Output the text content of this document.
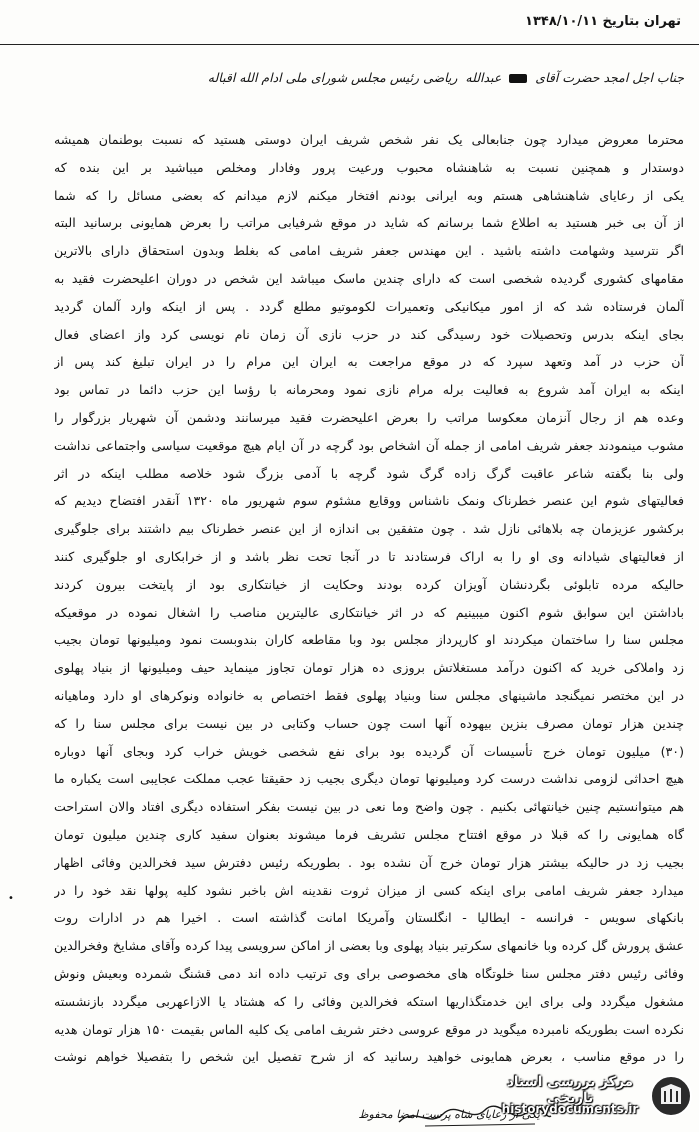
تهران بتاریخ ۱۳۴۸/۱۰/۱۱
جناب اجل امجد حضرت آقای  عبدالله ریاضی رئیس مجلس شورای ملی ادام الله اقباله
محترما معروض میدارد چون جنابعالی یک نفر شخص شریف ایران دوستی هستید که نسبت بوطنمان همیشه
دوستدار و همچنین نسبت به شاهنشاه محبوب ورعیت پرور وفادار ومخلص میباشید بر این بنده که
یکی از رعایای شاهنشاهی هستم وبه ایرانی بودنم افتخار میکنم لازم میدانم که بعضی مسائل را که شما
از آن بی خبر هستید به اطلاع شما برسانم که شاید در موقع شرفیابی مراتب را بعرض همایونی برسانید البته
اگر نترسید وشهامت داشته باشید . این مهندس جعفر شریف امامی که بغلط وبدون استحقاق دارای بالاترین
مقامهای کشوری گردیده شخصی است که دارای چندین ماسک میباشد این شخص در دوران اعلیحضرت فقید به
آلمان فرستاده شد که از امور میکانیکی وتعمیرات لکوموتیو مطلع گردد . پس از اینکه وارد آلمان گردید
بجای اینکه بدرس وتحصیلات خود رسیدگی کند در حزب نازی آن زمان نام نویسی کرد واز اعضای فعال
آن حزب در آمد وتعهد سپرد که در موقع مراجعت به ایران این مرام را در ایران تبلیغ کند پس از
اینکه به ایران آمد شروع به فعالیت برله مرام نازی نمود ومحرمانه با رؤسا این حزب دائما در تماس بود
وعده هم از رجال آنزمان معکوسا مراتب را بعرض اعلیحضرت فقید میرسانند ودشمن آن شهریار بزرگوار را
مشوب مینمودند جعفر شریف امامی از جمله آن اشخاص بود گرچه در آن ایام هیچ موقعیت سیاسی واجتماعی نداشت
ولی بنا بگفته شاعر عاقبت گرگ زاده گرگ شود گرچه با آدمی بزرگ شود خلاصه مطلب اینکه در اثر
فعالیتهای شوم این عنصر خطرناک ونمک ناشناس ووقایع مشئوم سوم شهریور ماه ۱۳۲۰ آنقدر افتضاح دیدیم که
برکشور عزیزمان چه بلاهائی نازل شد . چون متفقین بی اندازه از این عنصر خطرناک بیم داشتند برای جلوگیری
از فعالیتهای شیادانه وی او را به اراک فرستادند تا در آنجا تحت نظر باشد و از خرابکاری او جلوگیری کنند
حالیکه مرده تابلوئی بگردنشان آویزان کرده بودند وحکایت از خیانتکاری بود از پایتخت بیرون کردند
باداشتن این سوابق شوم اکنون میبینیم که در اثر خیانتکاری عالیترین مناصب را اشغال نموده در موقعیکه
مجلس سنا را ساختمان میکردند او کارپرداز مجلس بود وبا مقاطعه کاران بندوبست نمود ومیلیونها تومان بجیب
زد واملاکی خرید که اکنون درآمد مستغلاتش بروزی ده هزار تومان تجاوز مینماید حیف ومیلیونها از بنیاد پهلوی
در این مختصر نمیگنجد ماشینهای مجلس سنا وبنیاد پهلوی فقط اختصاص به خانواده ونوکرهای او دارد وماهیانه
چندین هزار تومان مصرف بنزین بیهوده آنها است چون حساب وکتابی در بین نیست برای مجلس سنا را که
(۳۰) میلیون تومان خرج تأسیسات آن گردیده بود برای نفع شخصی خویش خراب کرد وبجای آنها دوباره
هیچ احداثی لزومی نداشت درست کرد ومیلیونها تومان دیگری بجیب زد حقیقتا عجب مملکت عجایبی است یکباره ما
هم میتوانستیم چنین خیانتهائی بکنیم . چون واضح وما نعی در بین نیست بفکر استفاده دیگری افتاد والان استراحت
گاه همایونی را که قبلا در موقع افتتاح مجلس تشریف فرما میشوند بعنوان سفید کاری چندین میلیون تومان
بجیب زد در حالیکه بیشتر هزار تومان خرج آن نشده بود . بطوریکه رئیس دفترش سید فخرالدین وفائی اظهار
میدارد جعفر شریف امامی برای اینکه کسی از میزان ثروت نقدینه اش باخبر نشود کلیه پولها نقد خود را در
بانکهای سویس - فرانسه - ایطالیا - انگلستان وآمریکا امانت گذاشته است . اخیرا هم در ادارات روت
عشق پرورش گل کرده وبا خانمهای سکرتیر بنیاد پهلوی وبا بعضی از اماکن سرویسی پیدا کرده وآقای مشایخ وفخرالدین
وفائی رئیس دفتر مجلس سنا خلوتگاه های مخصوصی برای وی ترتیب داده اند دمی قشنگ شمرده وبعیش ونوش
مشغول میگردد ولی برای این خدمتگذاریها استکه فخرالدین وفائی را که هشتاد یا الازاعهربی میگردد بازنشسته
نکرده است بطوریکه نامبرده میگوید در موقع عروسی دختر شریف امامی یک کلیه الماس بقیمت ۱۵۰ هزار تومان هدیه
را در موقع مناسب ، بعرض همایونی خواهید رسانید که از شرح تفصیل این شخص را بتفصیلا خواهم نوشت
•
یکی از رعایای شاه پرست امضا محفوظ
مرکز بررسی اسناد تاریخی
historydocuments.ir
